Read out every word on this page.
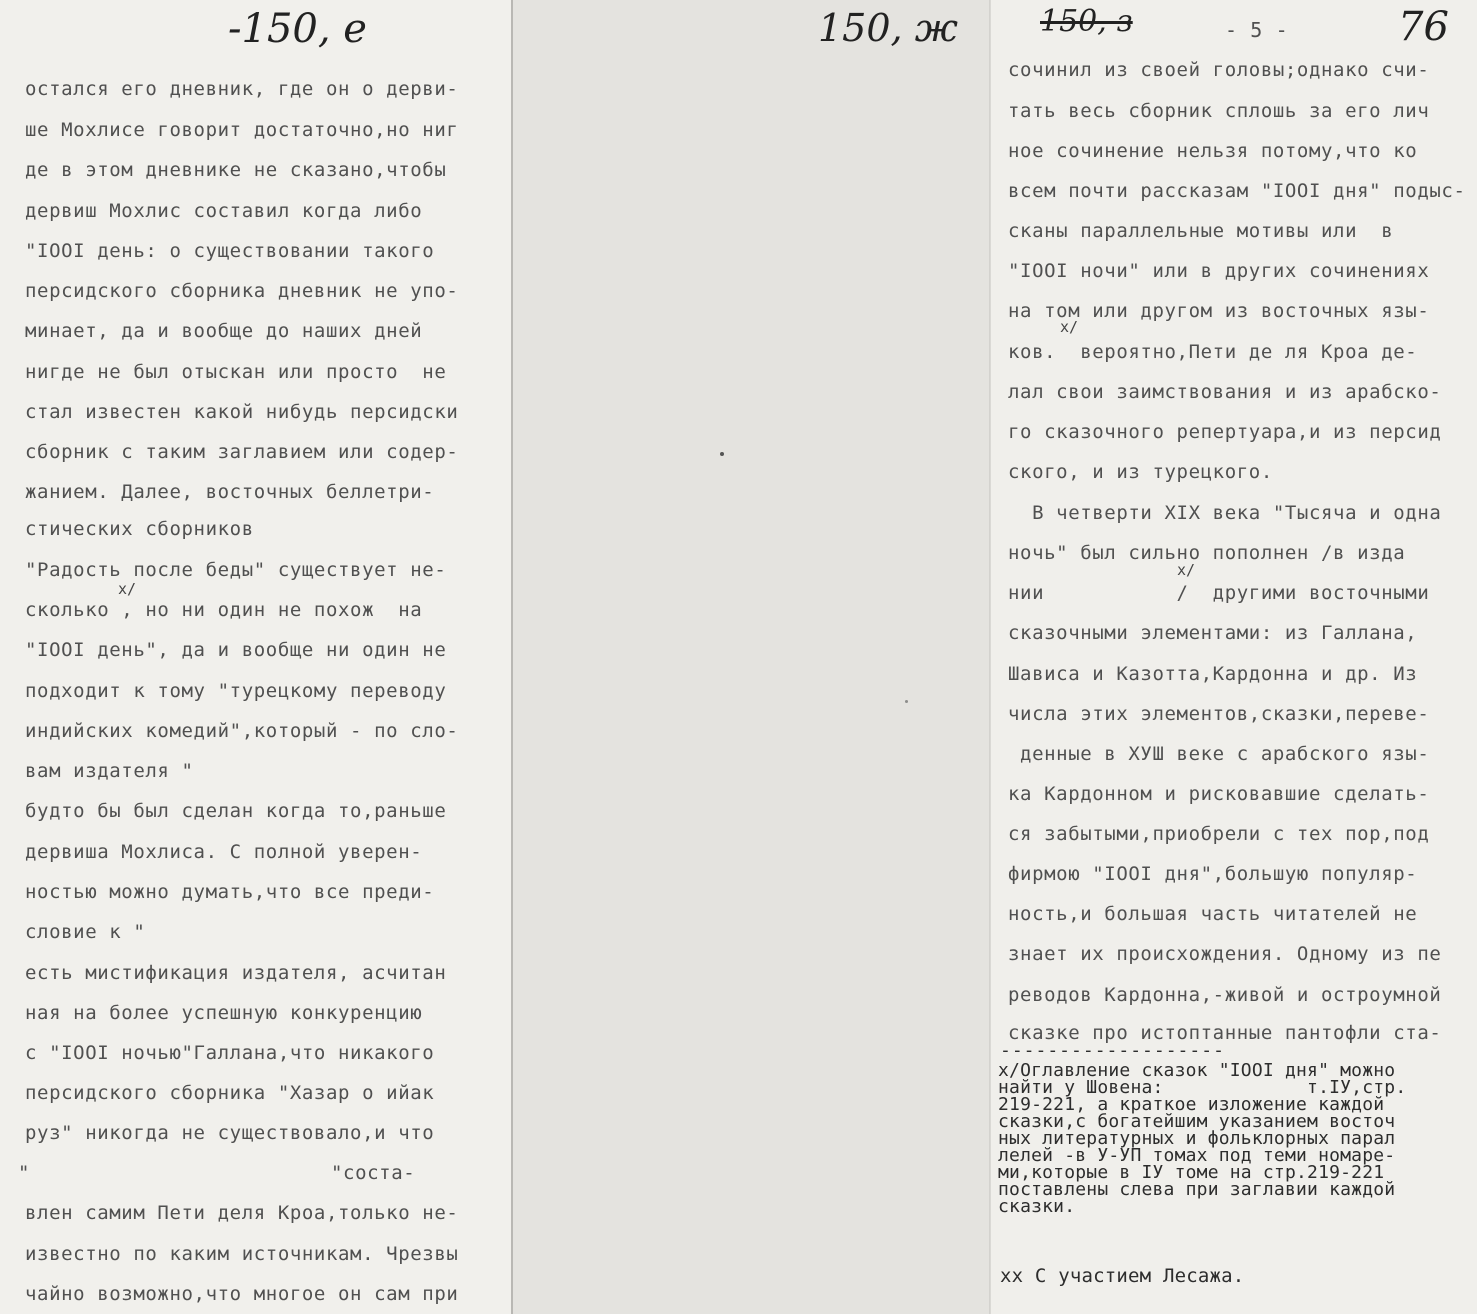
-150, e	150, ж	150, з	76
- 5 -
остался его дневник, где он о дерви-
ше Мохлисе говорит достаточно,но ниг
де в этом дневнике не сказано,чтобы
дервиш Мохлис составил когда либо
"IOOI день: о существовании такого
персидского сборника дневник не упо-
минает, да и вообще до наших дней
нигде не был отыскан или просто  не
стал известен какой нибудь персидски
сборник с таким заглавием или содер-
жанием. Далее, восточных беллетри-
стических сборников
"Радость после беды" существует не-
x/
сколько , но ни один не похож  на
"IOOI день", да и вообще ни один не
подходит к тому "турецкому переводу
индийских комедий",который - по сло-
вам издателя "
будто бы был сделан когда то,раньше
дервиша Мохлиса. С полной уверен-
ностью можно думать,что все преди-
словие к "
есть мистификация издателя, асчитан
ная на более успешную конкуренцию
с "IOOI ночью"Галлана,что никакого
персидского сборника "Хазар о ийак
руз" никогда не существовало,и что
"                         "соста-
влен самим Пети деля Кроа,только не-
известно по каким источникам. Чрезвы
чайно возможно,что многое он сам при
сочинил из своей головы;однако счи-
тать весь сборник сплошь за его лич
ное сочинение нельзя потому,что ко
всем почти рассказам "IOOI дня" подыс-
сканы параллельные мотивы или  в
"IOOI ночи" или в других сочинениях
на том или другом из восточных язы-
x/
ков.  вероятно,Пети де ля Кроа де-
лал свои заимствования и из арабско-
го сказочного репертуара,и из персид
ского, и из турецкого.
В четверти XIX века "Тысяча и одна
ночь" был сильно пополнен /в изда
x/
нии           /  другими восточными
сказочными элементами: из Галлана,
Шависа и Казотта,Кардонна и др. Из
числа этих элементов,сказки,переве-
денные в ХУШ веке с арабского язы-
ка Кардонном и рисковавшие сделать-
ся забытыми,приобрели с тех пор,под
фирмою "IOOI дня",большую популяр-
ность,и большая часть читателей не
знает их происхождения. Одному из пе
реводов Кардонна,-живой и остроумной
сказке про истоптанные пантофли ста-
-------------------
x/Оглавление сказок "IOOI дня" можно
найти у Шовена:             т.IУ,стр.
219-221, а краткое изложение каждой
сказки,с богатейшим указанием восточ
ных литературных и фольклорных парал
лелей -в У-УП томах под теми номаре-
ми,которые в IУ томе на стр.219-221
поставлены слева при заглавии каждой
сказки.
хх С участием Лесажа.
